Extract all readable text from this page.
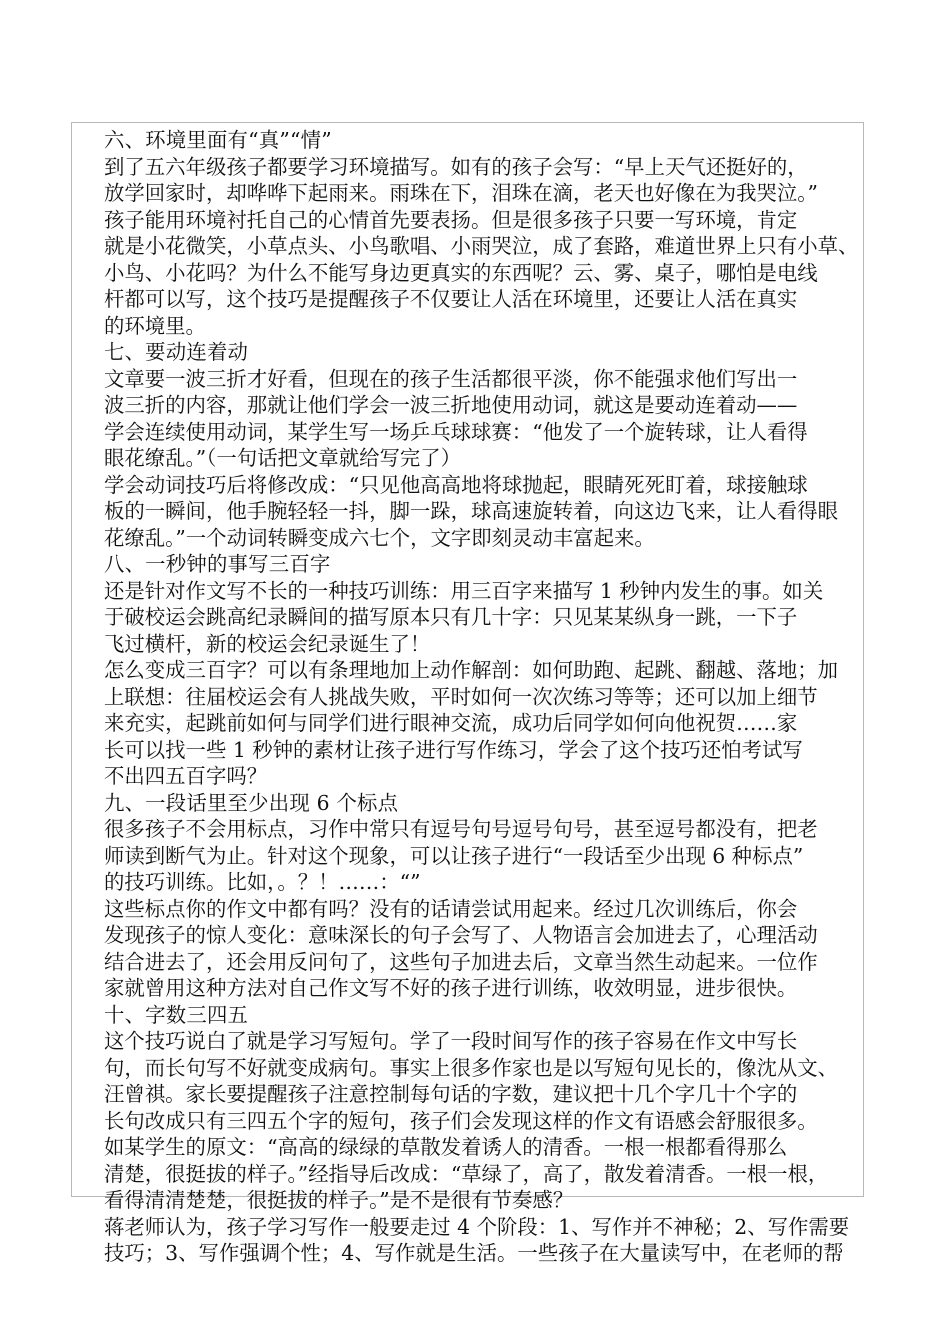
六、环境里面有“真”“情”
到了五六年级孩子都要学习环境描写。如有的孩子会写：“早上天气还挺好的，
放学回家时，却哗哗下起雨来。雨珠在下，泪珠在滴，老天也好像在为我哭泣。”
孩子能用环境衬托自己的心情首先要表扬。但是很多孩子只要一写环境，肯定
就是小花微笑，小草点头、小鸟歌唱、小雨哭泣，成了套路，难道世界上只有小草、
小鸟、小花吗？为什么不能写身边更真实的东西呢？云、雾、桌子，哪怕是电线
杆都可以写，这个技巧是提醒孩子不仅要让人活在环境里，还要让人活在真实
的环境里。
七、要动连着动
文章要一波三折才好看，但现在的孩子生活都很平淡，你不能强求他们写出一
波三折的内容，那就让他们学会一波三折地使用动词，就这是要动连着动——
学会连续使用动词，某学生写一场乒乓球球赛：“他发了一个旋转球，让人看得
眼花缭乱。”（一句话把文章就给写完了）
学会动词技巧后将修改成：“只见他高高地将球抛起，眼睛死死盯着，球接触球
板的一瞬间，他手腕轻轻一抖，脚一跺，球高速旋转着，向这边飞来，让人看得眼
花缭乱。”一个动词转瞬变成六七个，文字即刻灵动丰富起来。
八、一秒钟的事写三百字
还是针对作文写不长的一种技巧训练：用三百字来描写 1 秒钟内发生的事。如关
于破校运会跳高纪录瞬间的描写原本只有几十字：只见某某纵身一跳，一下子
飞过横杆，新的校运会纪录诞生了！
怎么变成三百字？可以有条理地加上动作解剖：如何助跑、起跳、翻越、落地；加
上联想：往届校运会有人挑战失败，平时如何一次次练习等等；还可以加上细节
来充实，起跳前如何与同学们进行眼神交流，成功后同学如何向他祝贺……家
长可以找一些 1 秒钟的素材让孩子进行写作练习，学会了这个技巧还怕考试写
不出四五百字吗？
九、一段话里至少出现 6 个标点
很多孩子不会用标点，习作中常只有逗号句号逗号句号，甚至逗号都没有，把老
师读到断气为止。针对这个现象，可以让孩子进行“一段话至少出现 6 种标点”
的技巧训练。比如，。？！……：“”
这些标点你的作文中都有吗？没有的话请尝试用起来。经过几次训练后，你会
发现孩子的惊人变化：意味深长的句子会写了、人物语言会加进去了，心理活动
结合进去了，还会用反问句了，这些句子加进去后，文章当然生动起来。一位作
家就曾用这种方法对自己作文写不好的孩子进行训练，收效明显，进步很快。
十、字数三四五
这个技巧说白了就是学习写短句。学了一段时间写作的孩子容易在作文中写长
句，而长句写不好就变成病句。事实上很多作家也是以写短句见长的，像沈从文、
汪曾祺。家长要提醒孩子注意控制每句话的字数，建议把十几个字几十个字的
长句改成只有三四五个字的短句，孩子们会发现这样的作文有语感会舒服很多。
如某学生的原文：“高高的绿绿的草散发着诱人的清香。一根一根都看得那么
清楚，很挺拔的样子。”经指导后改成：“草绿了，高了，散发着清香。一根一根，
看得清清楚楚，很挺拔的样子。”是不是很有节奏感？
蒋老师认为，孩子学习写作一般要走过 4 个阶段：1、写作并不神秘；2、写作需要
技巧；3、写作强调个性；4、写作就是生活。一些孩子在大量读写中，在老师的帮
